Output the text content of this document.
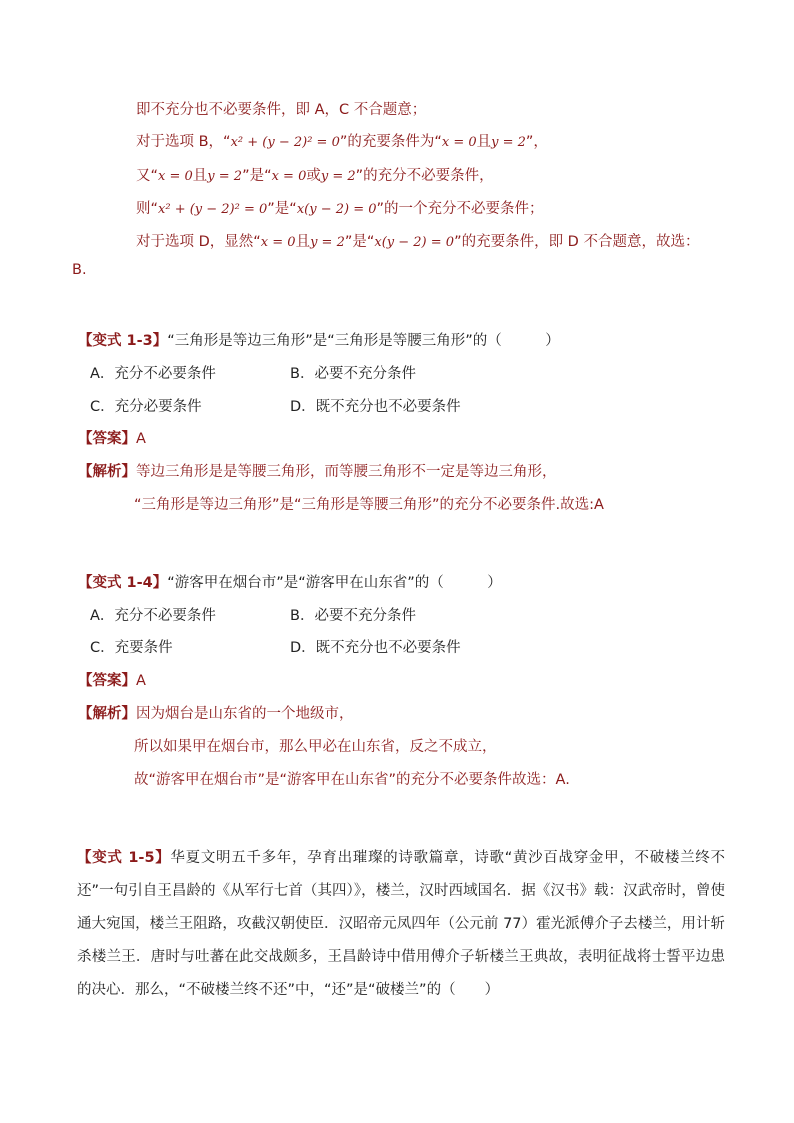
即不充分也不必要条件，即 A，C 不合题意；
对于选项 B，“x² + (y − 2)² = 0”的充要条件为“x = 0且y = 2”，
又“x = 0且y = 2”是“x = 0或y = 2”的充分不必要条件，
则“x² + (y − 2)² = 0”是“x(y − 2) = 0”的一个充分不必要条件；
对于选项 D，显然“x = 0且y = 2”是“x(y − 2) = 0”的充要条件，即 D 不合题意，故选：
B.
【变式 1-3】“三角形是等边三角形”是“三角形是等腰三角形”的（　　　）
A．充分不必要条件	B．必要不充分条件
C．充分必要条件	D．既不充分也不必要条件
【答案】A
【解析】等边三角形是是等腰三角形，而等腰三角形不一定是等边三角形，
“三角形是等边三角形”是“三角形是等腰三角形”的充分不必要条件.故选:A
【变式 1-4】“游客甲在烟台市”是“游客甲在山东省”的（　　　）
A．充分不必要条件	B．必要不充分条件
C．充要条件	D．既不充分也不必要条件
【答案】A
【解析】因为烟台是山东省的一个地级市，
所以如果甲在烟台市，那么甲必在山东省，反之不成立，
故“游客甲在烟台市”是“游客甲在山东省”的充分不必要条件故选：A.
【变式 1-5】华夏文明五千多年，孕育出璀璨的诗歌篇章，诗歌“黄沙百战穿金甲，不破楼兰终不还”一句引自王昌龄的《从军行七首（其四）》，楼兰，汉时西域国名．据《汉书》载：汉武帝时，曾使通大宛国，楼兰王阻路，攻截汉朝使臣．汉昭帝元凤四年（公元前 77）霍光派傅介子去楼兰，用计斩杀楼兰王．唐时与吐蕃在此交战颇多，王昌龄诗中借用傅介子斩楼兰王典故，表明征战将士誓平边患的决心．那么，“不破楼兰终不还”中，“还”是“破楼兰”的（　　）
